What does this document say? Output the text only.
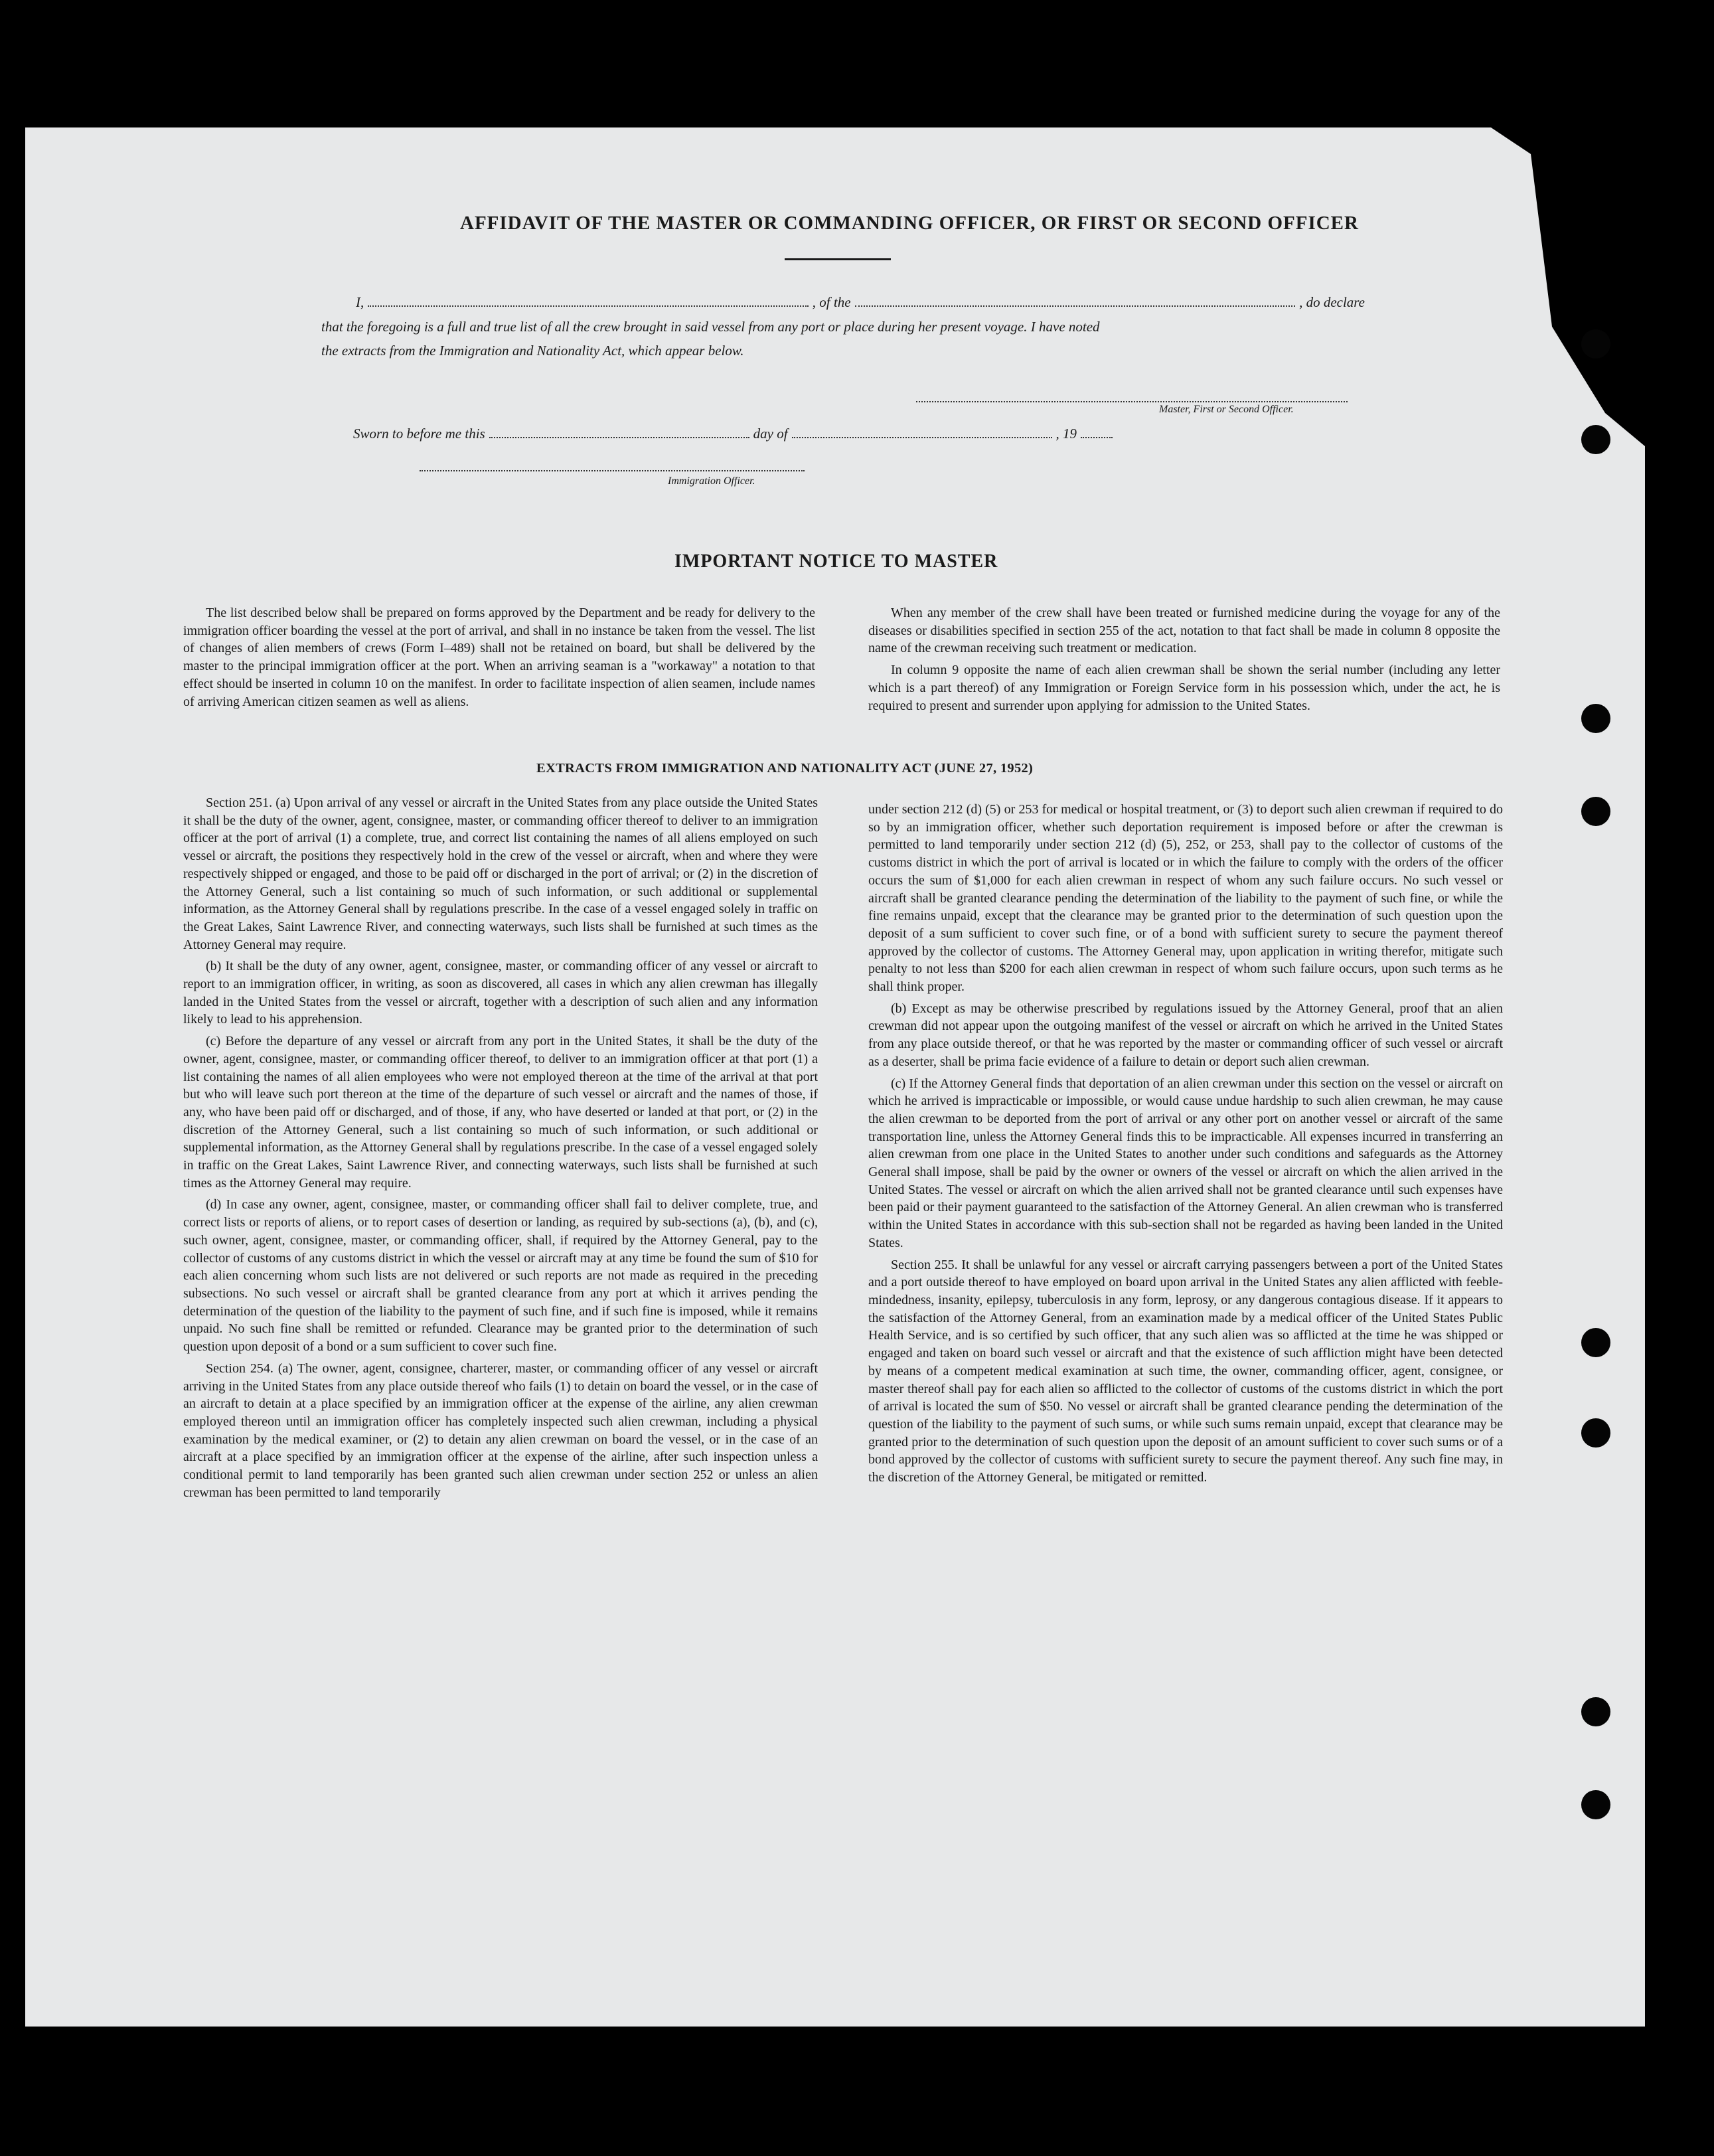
AFFIDAVIT OF THE MASTER OR COMMANDING OFFICER, OR FIRST OR SECOND OFFICER
I,	, of the	, do declare
that the foregoing is a full and true list of all the crew brought in said vessel from any port or place during her present voyage. I have noted
the extracts from the Immigration and Nationality Act, which appear below.
Master, First or Second Officer.
Sworn to before me this	day of	, 19
Immigration Officer.
IMPORTANT NOTICE TO MASTER

The list described below shall be prepared on forms approved by the Department and be ready for delivery to the immigration officer boarding the vessel at the port of arrival, and shall in no instance be taken from the vessel. The list of changes of alien members of crews (Form I–489) shall not be retained on board, but shall be delivered by the master to the principal immigration officer at the port. When an arriving seaman is a "workaway" a notation to that effect should be inserted in column 10 on the manifest. In order to facilitate inspection of alien seamen, include names of arriving American citizen seamen as well as aliens.

When any member of the crew shall have been treated or furnished medicine during the voyage for any of the diseases or disabilities specified in section 255 of the act, notation to that fact shall be made in column 8 opposite the name of the crewman receiving such treatment or medication.

In column 9 opposite the name of each alien crewman shall be shown the serial number (including any letter which is a part thereof) of any Immigration or Foreign Service form in his possession which, under the act, he is required to present and surrender upon applying for admission to the United States.

EXTRACTS FROM IMMIGRATION AND NATIONALITY ACT (JUNE 27, 1952)

Section 251. (a) Upon arrival of any vessel or aircraft in the United States from any place outside the United States it shall be the duty of the owner, agent, consignee, master, or commanding officer thereof to deliver to an immigration officer at the port of arrival (1) a complete, true, and correct list containing the names of all aliens employed on such vessel or aircraft, the positions they respectively hold in the crew of the vessel or aircraft, when and where they were respectively shipped or engaged, and those to be paid off or discharged in the port of arrival; or (2) in the discretion of the Attorney General, such a list containing so much of such information, or such additional or supplemental information, as the Attorney General shall by regulations prescribe. In the case of a vessel engaged solely in traffic on the Great Lakes, Saint Lawrence River, and connecting waterways, such lists shall be furnished at such times as the Attorney General may require.

(b) It shall be the duty of any owner, agent, consignee, master, or commanding officer of any vessel or aircraft to report to an immigration officer, in writing, as soon as discovered, all cases in which any alien crewman has illegally landed in the United States from the vessel or aircraft, together with a description of such alien and any information likely to lead to his apprehension.

(c) Before the departure of any vessel or aircraft from any port in the United States, it shall be the duty of the owner, agent, consignee, master, or commanding officer thereof, to deliver to an immigration officer at that port (1) a list containing the names of all alien employees who were not employed thereon at the time of the arrival at that port but who will leave such port thereon at the time of the departure of such vessel or aircraft and the names of those, if any, who have been paid off or discharged, and of those, if any, who have deserted or landed at that port, or (2) in the discretion of the Attorney General, such a list containing so much of such information, or such additional or supplemental information, as the Attorney General shall by regulations prescribe. In the case of a vessel engaged solely in traffic on the Great Lakes, Saint Lawrence River, and connecting waterways, such lists shall be furnished at such times as the Attorney General may require.

(d) In case any owner, agent, consignee, master, or commanding officer shall fail to deliver complete, true, and correct lists or reports of aliens, or to report cases of desertion or landing, as required by sub-sections (a), (b), and (c), such owner, agent, consignee, master, or commanding officer, shall, if required by the Attorney General, pay to the collector of customs of any customs district in which the vessel or aircraft may at any time be found the sum of $10 for each alien concerning whom such lists are not delivered or such reports are not made as required in the preceding subsections. No such vessel or aircraft shall be granted clearance from any port at which it arrives pending the determination of the question of the liability to the payment of such fine, and if such fine is imposed, while it remains unpaid. No such fine shall be remitted or refunded. Clearance may be granted prior to the determination of such question upon deposit of a bond or a sum sufficient to cover such fine.

Section 254. (a) The owner, agent, consignee, charterer, master, or commanding officer of any vessel or aircraft arriving in the United States from any place outside thereof who fails (1) to detain on board the vessel, or in the case of an aircraft to detain at a place specified by an immigration officer at the expense of the airline, any alien crewman employed thereon until an immigration officer has completely inspected such alien crewman, including a physical examination by the medical examiner, or (2) to detain any alien crewman on board the vessel, or in the case of an aircraft at a place specified by an immigration officer at the expense of the airline, after such inspection unless a conditional permit to land temporarily has been granted such alien crewman under section 252 or unless an alien crewman has been permitted to land temporarily

under section 212 (d) (5) or 253 for medical or hospital treatment, or (3) to deport such alien crewman if required to do so by an immigration officer, whether such deportation requirement is imposed before or after the crewman is permitted to land temporarily under section 212 (d) (5), 252, or 253, shall pay to the collector of customs of the customs district in which the port of arrival is located or in which the failure to comply with the orders of the officer occurs the sum of $1,000 for each alien crewman in respect of whom any such failure occurs. No such vessel or aircraft shall be granted clearance pending the determination of the liability to the payment of such fine, or while the fine remains unpaid, except that the clearance may be granted prior to the determination of such question upon the deposit of a sum sufficient to cover such fine, or of a bond with sufficient surety to secure the payment thereof approved by the collector of customs. The Attorney General may, upon application in writing therefor, mitigate such penalty to not less than $200 for each alien crewman in respect of whom such failure occurs, upon such terms as he shall think proper.

(b) Except as may be otherwise prescribed by regulations issued by the Attorney General, proof that an alien crewman did not appear upon the outgoing manifest of the vessel or aircraft on which he arrived in the United States from any place outside thereof, or that he was reported by the master or commanding officer of such vessel or aircraft as a deserter, shall be prima facie evidence of a failure to detain or deport such alien crewman.

(c) If the Attorney General finds that deportation of an alien crewman under this section on the vessel or aircraft on which he arrived is impracticable or impossible, or would cause undue hardship to such alien crewman, he may cause the alien crewman to be deported from the port of arrival or any other port on another vessel or aircraft of the same transportation line, unless the Attorney General finds this to be impracticable. All expenses incurred in transferring an alien crewman from one place in the United States to another under such conditions and safeguards as the Attorney General shall impose, shall be paid by the owner or owners of the vessel or aircraft on which the alien arrived in the United States. The vessel or aircraft on which the alien arrived shall not be granted clearance until such expenses have been paid or their payment guaranteed to the satisfaction of the Attorney General. An alien crewman who is transferred within the United States in accordance with this sub-section shall not be regarded as having been landed in the United States.

Section 255. It shall be unlawful for any vessel or aircraft carrying passengers between a port of the United States and a port outside thereof to have employed on board upon arrival in the United States any alien afflicted with feeble-mindedness, insanity, epilepsy, tuberculosis in any form, leprosy, or any dangerous contagious disease. If it appears to the satisfaction of the Attorney General, from an examination made by a medical officer of the United States Public Health Service, and is so certified by such officer, that any such alien was so afflicted at the time he was shipped or engaged and taken on board such vessel or aircraft and that the existence of such affliction might have been detected by means of a competent medical examination at such time, the owner, commanding officer, agent, consignee, or master thereof shall pay for each alien so afflicted to the collector of customs of the customs district in which the port of arrival is located the sum of $50. No vessel or aircraft shall be granted clearance pending the determination of the question of the liability to the payment of such sums, or while such sums remain unpaid, except that clearance may be granted prior to the determination of such question upon the deposit of an amount sufficient to cover such sums or of a bond approved by the collector of customs with sufficient surety to secure the payment thereof. Any such fine may, in the discretion of the Attorney General, be mitigated or remitted.
